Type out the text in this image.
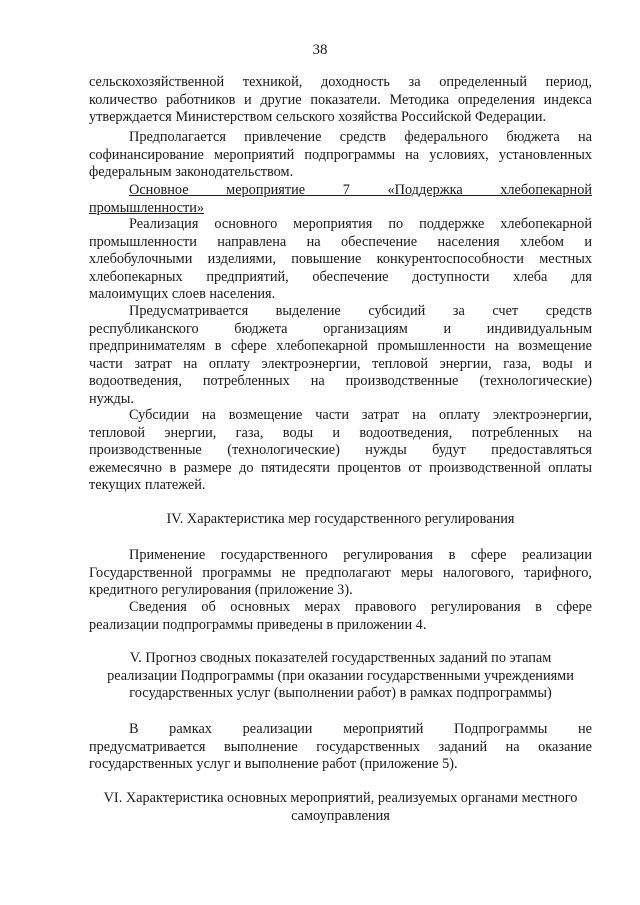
38
сельскохозяйственной техникой, доходность за определенный период,
количество работников и другие показатели. Методика определения индекса
утверждается Министерством сельского хозяйства Российской Федерации.
Предполагается привлечение средств федерального бюджета на
софинансирование мероприятий подпрограммы на условиях, установленных
федеральным законодательством.
Основное мероприятие 7 «Поддержка хлебопекарной
промышленности»
Реализация основного мероприятия по поддержке хлебопекарной
промышленности направлена на обеспечение населения хлебом и
хлебобулочными изделиями, повышение конкурентоспособности местных
хлебопекарных предприятий, обеспечение доступности хлеба для
малоимущих слоев населения.
Предусматривается выделение субсидий за счет средств
республиканского бюджета организациям и индивидуальным
предпринимателям в сфере хлебопекарной промышленности на возмещение
части затрат на оплату электроэнергии, тепловой энергии, газа, воды и
водоотведения, потребленных на производственные (технологические)
нужды.
Субсидии на возмещение части затрат на оплату электроэнергии,
тепловой энергии, газа, воды и водоотведения, потребленных на
производственные (технологические) нужды будут предоставляться
ежемесячно в размере до пятидесяти процентов от производственной оплаты
текущих платежей.
IV. Характеристика мер государственного регулирования
Применение государственного регулирования в сфере реализации
Государственной программы не предполагают меры налогового, тарифного,
кредитного регулирования (приложение 3).
Сведения об основных мерах правового регулирования в сфере
реализации подпрограммы приведены в приложении 4.
V. Прогноз сводных показателей государственных заданий по этапам
реализации Подпрограммы (при оказании государственными учреждениями
государственных услуг (выполнении работ) в рамках подпрограммы)
В рамках реализации мероприятий Подпрограммы не
предусматривается выполнение государственных заданий на оказание
государственных услуг и выполнение работ (приложение 5).
VI. Характеристика основных мероприятий, реализуемых органами местного
самоуправления
